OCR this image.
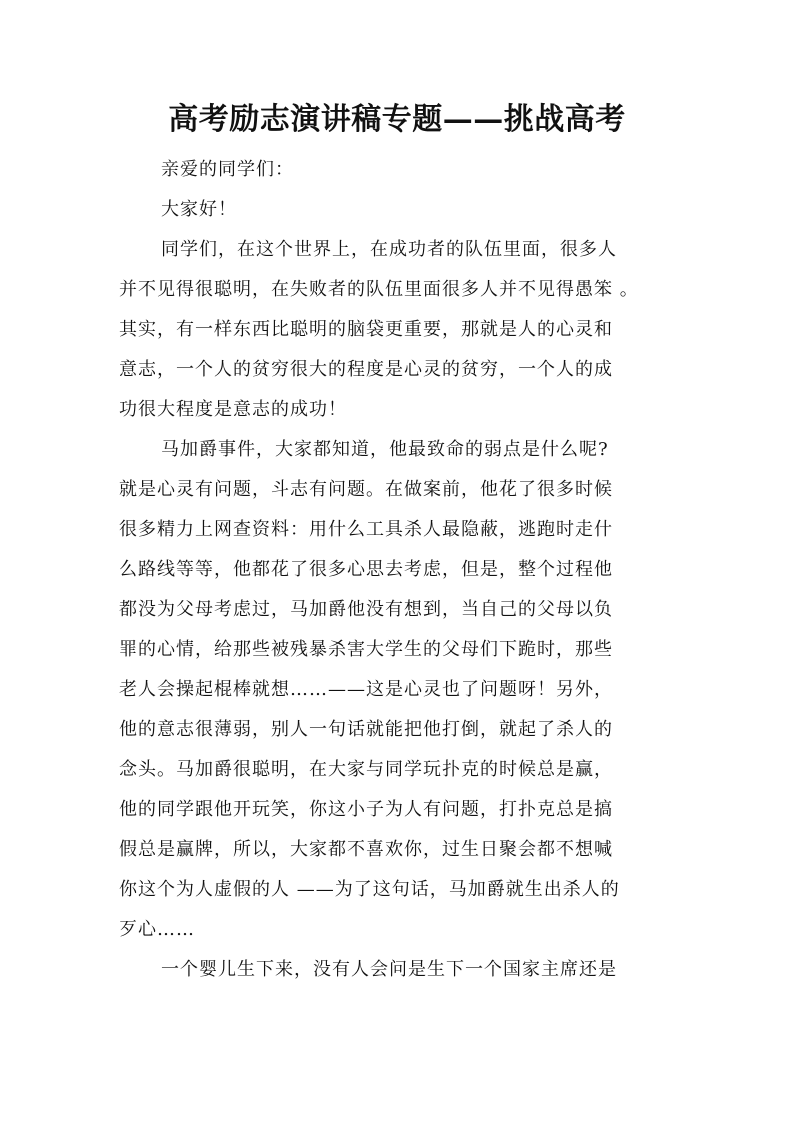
高考励志演讲稿专题——挑战高考
亲爱的同学们：
大家好！
同学们，在这个世界上，在成功者的队伍里面，很多人
并不见得很聪明，在失败者的队伍里面很多人并不见得愚笨 。
其实，有一样东西比聪明的脑袋更重要，那就是人的心灵和
意志，一个人的贫穷很大的程度是心灵的贫穷，一个人的成
功很大程度是意志的成功！
马加爵事件，大家都知道，他最致命的弱点是什么呢?
就是心灵有问题，斗志有问题。在做案前，他花了很多时候
很多精力上网查资料：用什么工具杀人最隐蔽，逃跑时走什
么路线等等，他都花了很多心思去考虑，但是，整个过程他
都没为父母考虑过，马加爵他没有想到，当自己的父母以负
罪的心情，给那些被残暴杀害大学生的父母们下跪时，那些
老人会操起棍棒就想……——这是心灵也了问题呀！另外，
他的意志很薄弱，别人一句话就能把他打倒，就起了杀人的
念头。马加爵很聪明，在大家与同学玩扑克的时候总是赢，
他的同学跟他开玩笑，你这小子为人有问题，打扑克总是搞
假总是赢牌，所以，大家都不喜欢你，过生日聚会都不想喊
你这个为人虚假的人 ——为了这句话，马加爵就生出杀人的
歹心……
一个婴儿生下来，没有人会问是生下一个国家主席还是
